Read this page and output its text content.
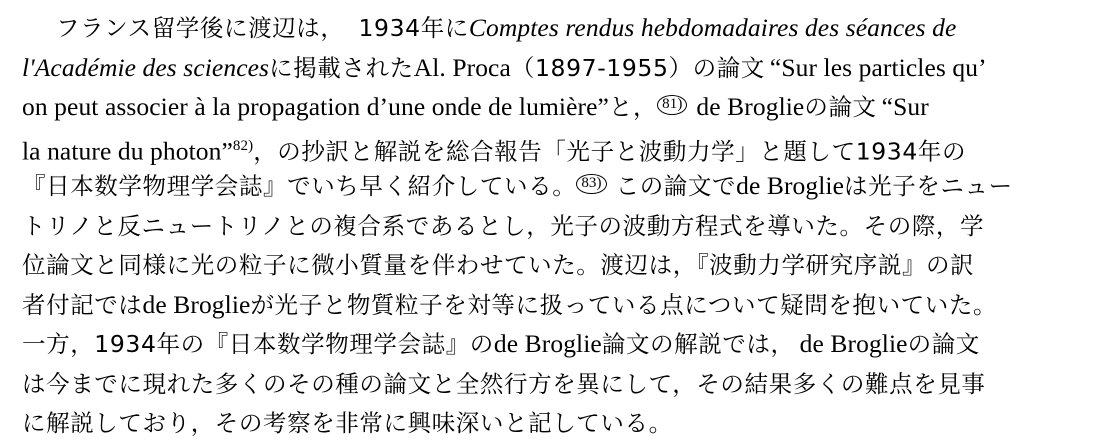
フランス留学後に渡辺は， 1934年にComptes rendus hebdomadaires des séances de
l'Académie des sciencesに掲載されたAl. Proca（1897-1955）の論文 “Sur les particles qu’
on peut associer à la propagation d’une onde de lumière”と， 81) de Broglieの論文 “Sur
la nature du photon”$^{82)}$，の抄訳と解説を総合報告「光子と波動力学」と題して1934年の
『日本数学物理学会誌』でいち早く紹介している。 83) この論文でde Broglieは光子をニュー
トリノと反ニュートリノとの複合系であるとし，光子の波動方程式を導いた。その際，学
位論文と同様に光の粒子に微小質量を伴わせていた。渡辺は，『波動力学研究序説』の訳
者付記ではde Broglieが光子と物質粒子を対等に扱っている点について疑問を抱いていた。
一方，1934年の『日本数学物理学会誌』のde Broglie論文の解説では， de Broglieの論文
は今までに現れた多くのその種の論文と全然行方を異にして，その結果多くの難点を見事
に解説しており，その考察を非常に興味深いと記している。
